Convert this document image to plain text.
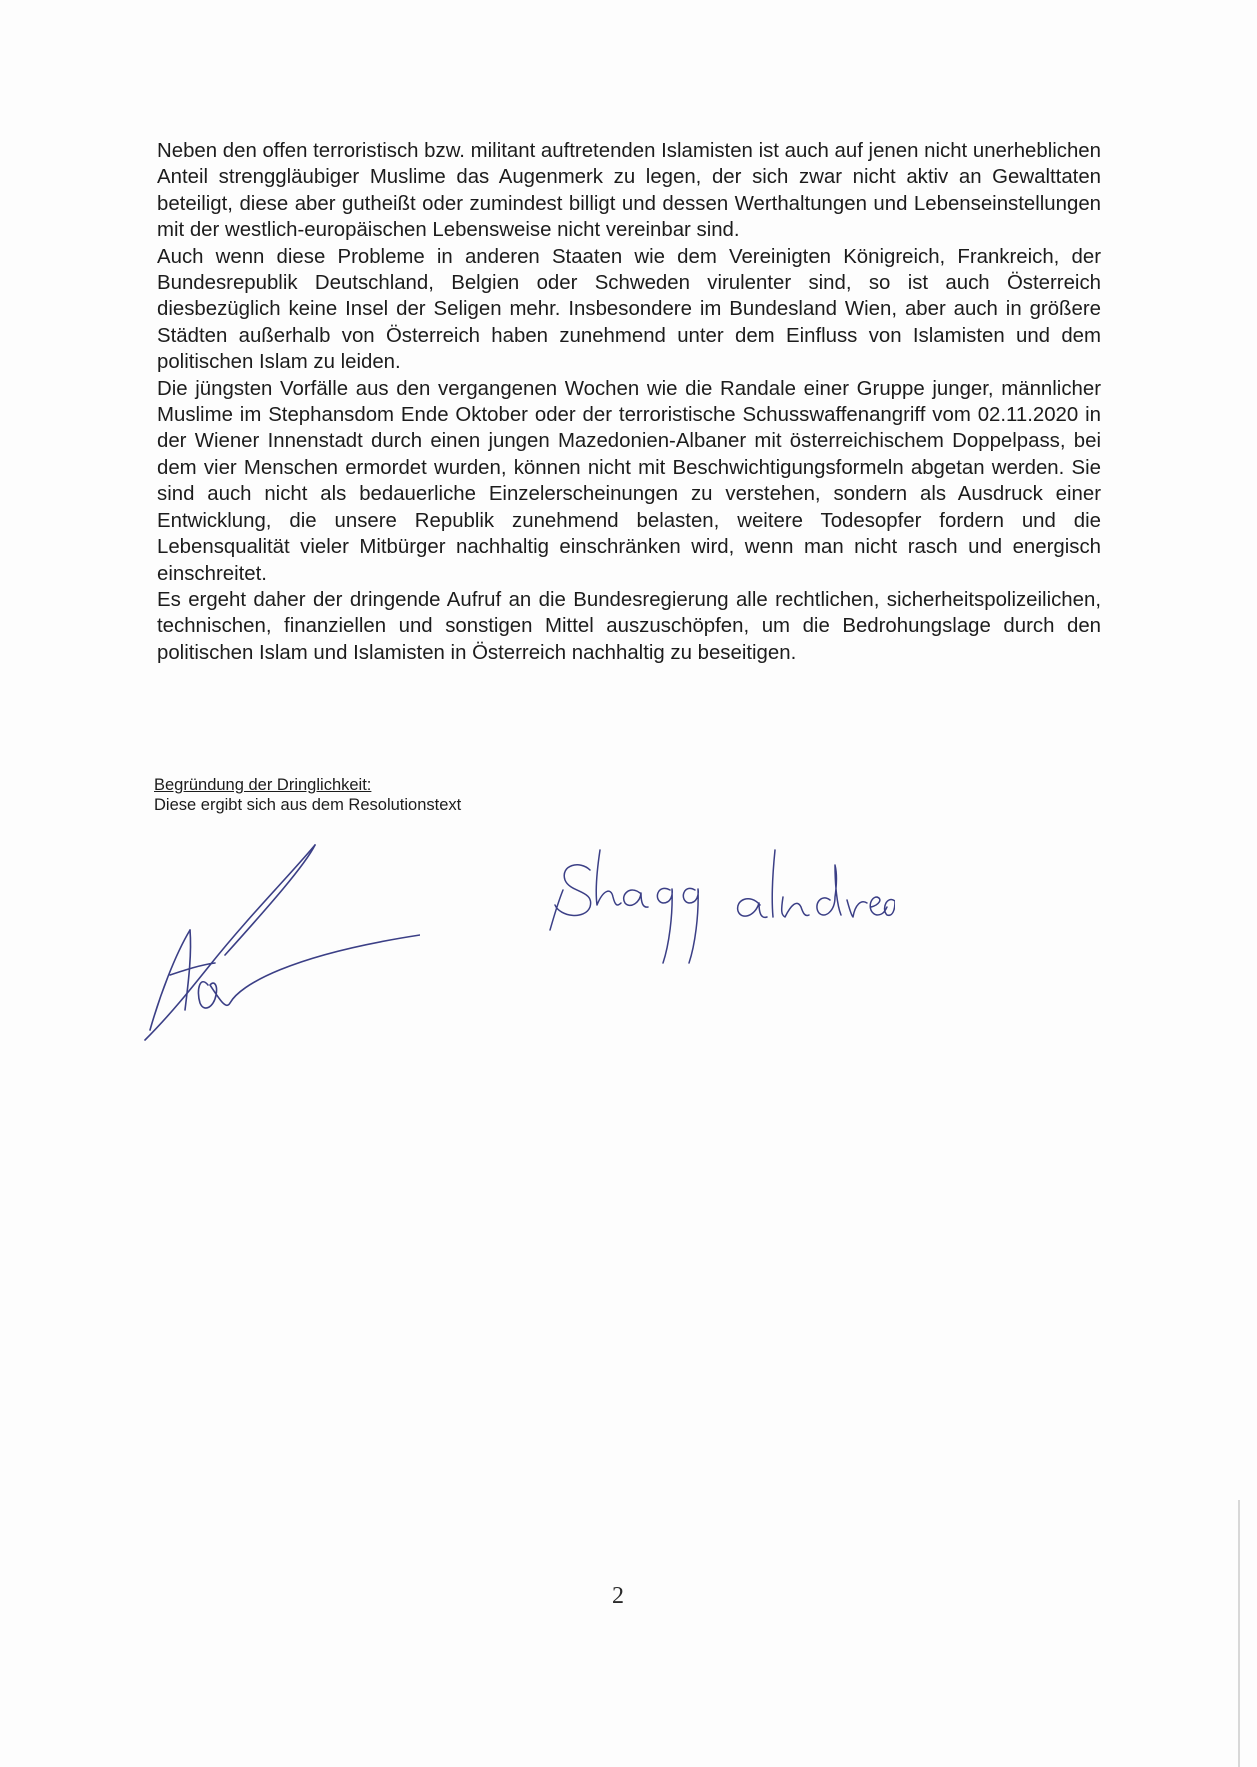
Neben den offen terroristisch bzw. militant auftretenden Islamisten ist auch auf jenen nicht unerheblichen Anteil strenggläubiger Muslime das Augenmerk zu legen, der sich zwar nicht aktiv an Gewalttaten beteiligt, diese aber gutheißt oder zumindest billigt und dessen Werthaltungen und Lebenseinstellungen mit der westlich-europäischen Lebensweise nicht vereinbar sind.

Auch wenn diese Probleme in anderen Staaten wie dem Vereinigten Königreich, Frankreich, der Bundesrepublik Deutschland, Belgien oder Schweden virulenter sind, so ist auch Österreich diesbezüglich keine Insel der Seligen mehr. Insbesondere im Bundesland Wien, aber auch in größere Städten außerhalb von Österreich haben zunehmend unter dem Einfluss von Islamisten und dem politischen Islam zu leiden.

Die jüngsten Vorfälle aus den vergangenen Wochen wie die Randale einer Gruppe junger, männlicher Muslime im Stephansdom Ende Oktober oder der terroristische Schusswaffenangriff vom 02.11.2020 in der Wiener Innenstadt durch einen jungen Mazedonien-Albaner mit österreichischem Doppelpass, bei dem vier Menschen ermordet wurden, können nicht mit Beschwichtigungsformeln abgetan werden. Sie sind auch nicht als bedauerliche Einzelerscheinungen zu verstehen, sondern als Ausdruck einer Entwicklung, die unsere Republik zunehmend belasten, weitere Todesopfer fordern und die Lebensqualität vieler Mitbürger nachhaltig einschränken wird, wenn man nicht rasch und energisch einschreitet.

Es ergeht daher der dringende Aufruf an die Bundesregierung alle rechtlichen, sicherheitspolizeilichen, technischen, finanziellen und sonstigen Mittel auszuschöpfen, um die Bedrohungslage durch den politischen Islam und Islamisten in Österreich nachhaltig zu beseitigen.

Begründung der Dringlichkeit:
Diese ergibt sich aus dem Resolutionstext
2
